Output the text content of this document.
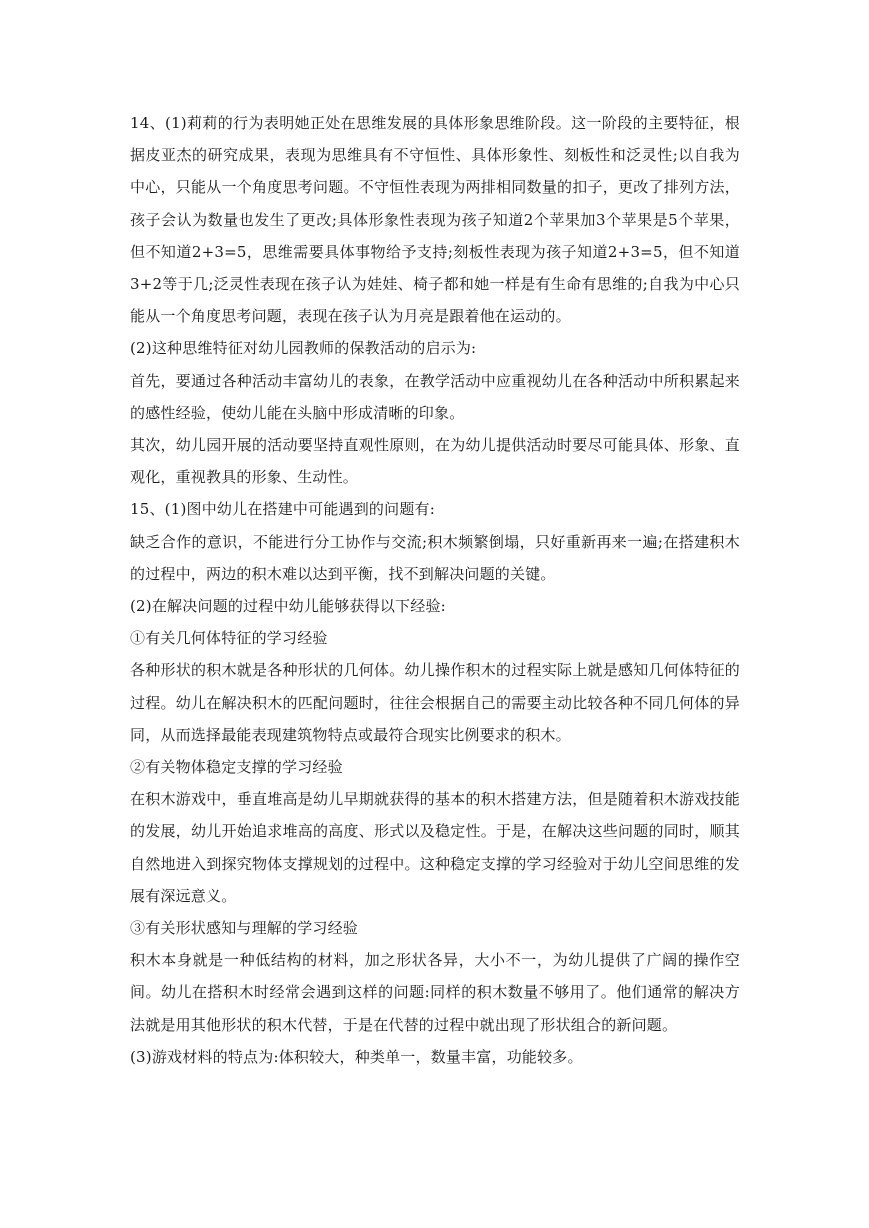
14、(1)莉莉的行为表明她正处在思维发展的具体形象思维阶段。这一阶段的主要特征，根据皮亚杰的研究成果，表现为思维具有不守恒性、具体形象性、刻板性和泛灵性;以自我为中心，只能从一个角度思考问题。不守恒性表现为两排相同数量的扣子，更改了排列方法，孩子会认为数量也发生了更改;具体形象性表现为孩子知道2个苹果加3个苹果是5个苹果，但不知道2+3=5，思维需要具体事物给予支持;刻板性表现为孩子知道2+3=5，但不知道3+2等于几;泛灵性表现在孩子认为娃娃、椅子都和她一样是有生命有思维的;自我为中心只能从一个角度思考问题，表现在孩子认为月亮是跟着他在运动的。

(2)这种思维特征对幼儿园教师的保教活动的启示为:

首先，要通过各种活动丰富幼儿的表象，在教学活动中应重视幼儿在各种活动中所积累起来的感性经验，使幼儿能在头脑中形成清晰的印象。

其次，幼儿园开展的活动要坚持直观性原则，在为幼儿提供活动时要尽可能具体、形象、直观化，重视教具的形象、生动性。

15、(1)图中幼儿在搭建中可能遇到的问题有:

缺乏合作的意识，不能进行分工协作与交流;积木频繁倒塌，只好重新再来一遍;在搭建积木的过程中，两边的积木难以达到平衡，找不到解决问题的关键。

(2)在解决问题的过程中幼儿能够获得以下经验:

①有关几何体特征的学习经验

各种形状的积木就是各种形状的几何体。幼儿操作积木的过程实际上就是感知几何体特征的过程。幼儿在解决积木的匹配问题时，往往会根据自己的需要主动比较各种不同几何体的异同，从而选择最能表现建筑物特点或最符合现实比例要求的积木。

②有关物体稳定支撑的学习经验

在积木游戏中，垂直堆高是幼儿早期就获得的基本的积木搭建方法，但是随着积木游戏技能的发展，幼儿开始追求堆高的高度、形式以及稳定性。于是，在解决这些问题的同时，顺其自然地进入到探究物体支撑规划的过程中。这种稳定支撑的学习经验对于幼儿空间思维的发展有深远意义。

③有关形状感知与理解的学习经验

积木本身就是一种低结构的材料，加之形状各异，大小不一，为幼儿提供了广阔的操作空间。幼儿在搭积木时经常会遇到这样的问题:同样的积木数量不够用了。他们通常的解决方法就是用其他形状的积木代替，于是在代替的过程中就出现了形状组合的新问题。

(3)游戏材料的特点为:体积较大，种类单一，数量丰富，功能较多。
